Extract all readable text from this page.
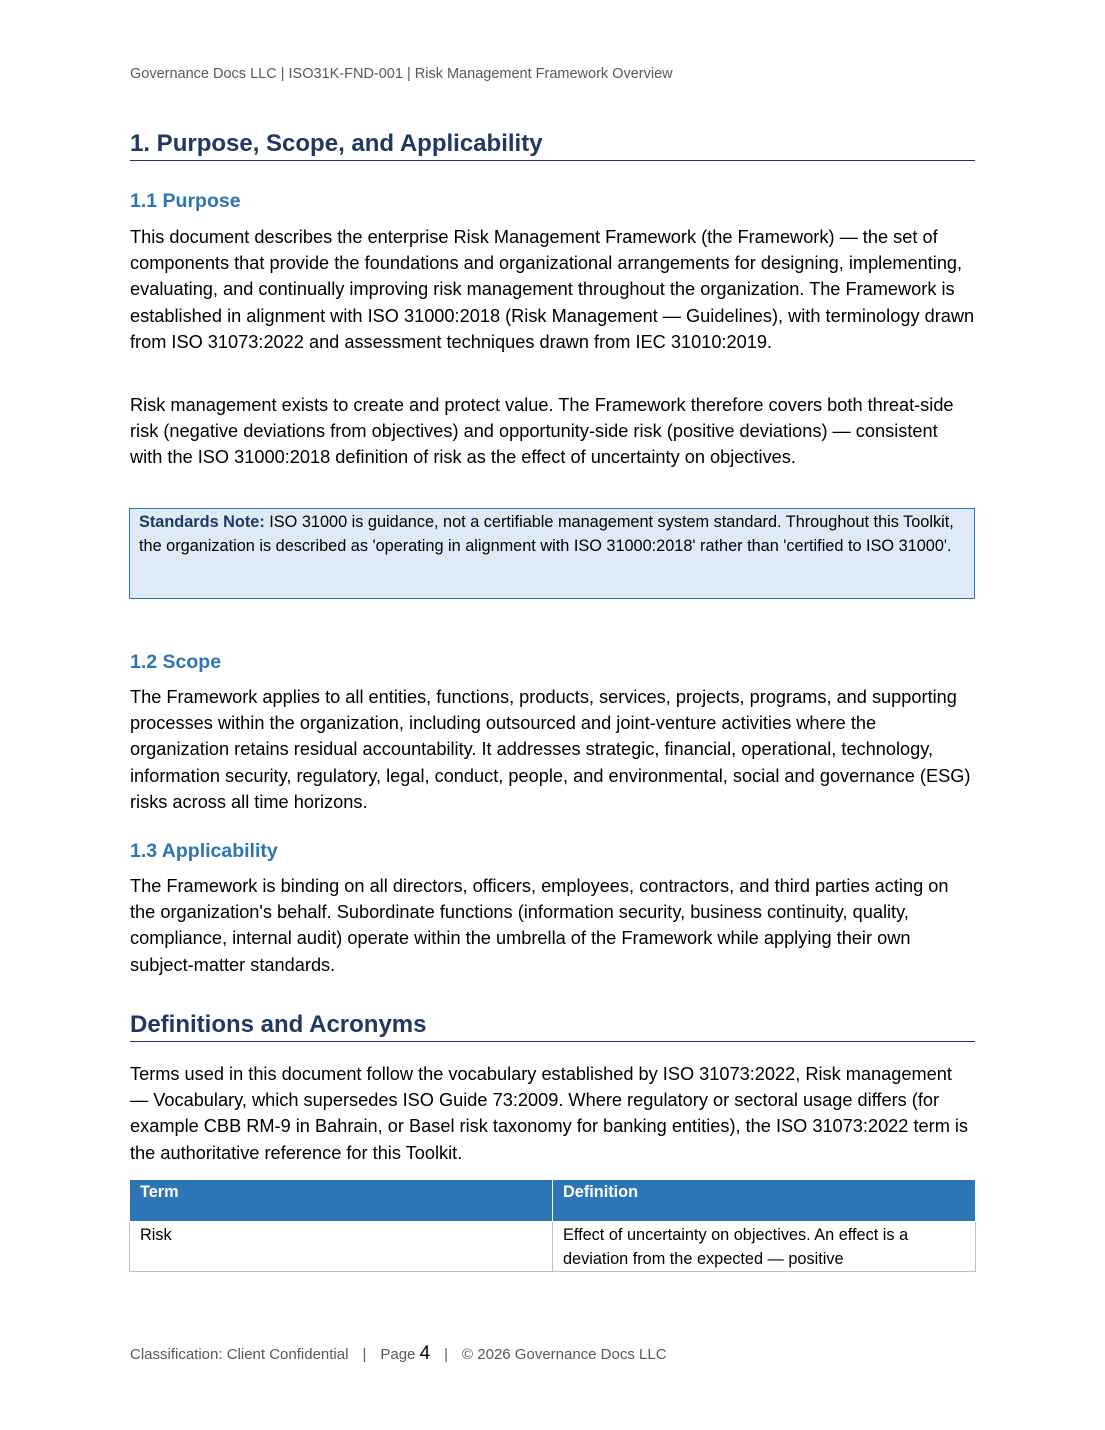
Governance Docs LLC | ISO31K-FND-001 | Risk Management Framework Overview
1. Purpose, Scope, and Applicability
1.1 Purpose

This document describes the enterprise Risk Management Framework (the Framework) — the set of components that provide the foundations and organizational arrangements for designing, implementing, evaluating, and continually improving risk management throughout the organization. The Framework is established in alignment with ISO 31000:2018 (Risk Management — Guidelines), with terminology drawn from ISO 31073:2022 and assessment techniques drawn from IEC 31010:2019.

Risk management exists to create and protect value. The Framework therefore covers both threat-side risk (negative deviations from objectives) and opportunity-side risk (positive deviations) — consistent with the ISO 31000:2018 definition of risk as the effect of uncertainty on objectives.

Standards Note: ISO 31000 is guidance, not a certifiable management system standard. Throughout this Toolkit, the organization is described as 'operating in alignment with ISO 31000:2018' rather than 'certified to ISO 31000'.
1.2 Scope

The Framework applies to all entities, functions, products, services, projects, programs, and supporting processes within the organization, including outsourced and joint-venture activities where the organization retains residual accountability. It addresses strategic, financial, operational, technology, information security, regulatory, legal, conduct, people, and environmental, social and governance (ESG) risks across all time horizons.

1.3 Applicability

The Framework is binding on all directors, officers, employees, contractors, and third parties acting on the organization's behalf. Subordinate functions (information security, business continuity, quality, compliance, internal audit) operate within the umbrella of the Framework while applying their own subject-matter standards.

Definitions and Acronyms

Terms used in this document follow the vocabulary established by ISO 31073:2022, Risk management — Vocabulary, which supersedes ISO Guide 73:2009. Where regulatory or sectoral usage differs (for example CBB RM-9 in Bahrain, or Basel risk taxonomy for banking entities), the ISO 31073:2022 term is the authoritative reference for this Toolkit.

Term	Definition
Risk	Effect of uncertainty on objectives. An effect is a deviation from the expected — positive
Classification: Client Confidential | Page 4 | © 2026 Governance Docs LLC
